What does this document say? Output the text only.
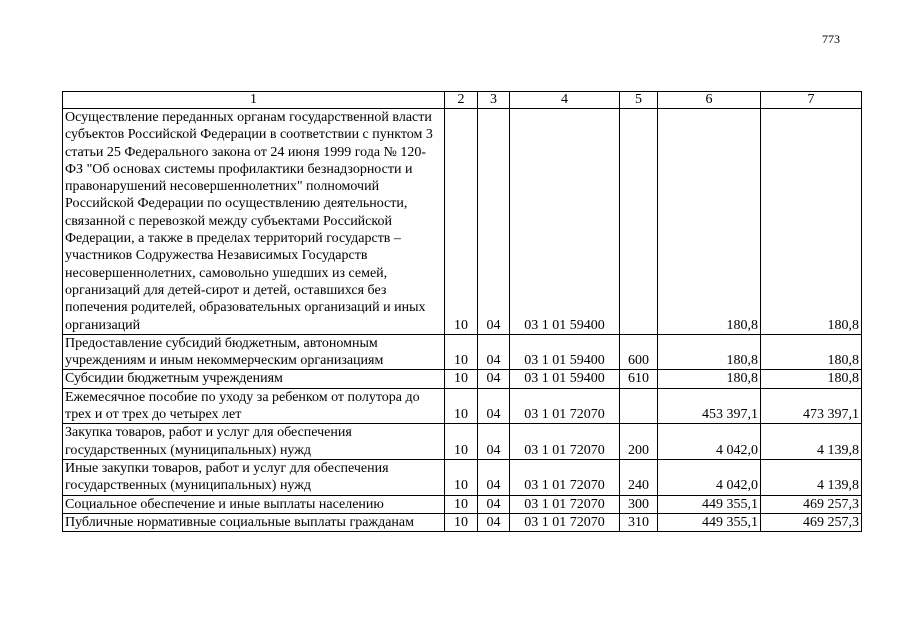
773
1	2	3	4	5	6	7
Осуществление переданных органам государственной власти субъектов Российской Федерации в соответствии с пунктом 3 статьи 25 Федерального закона от 24 июня 1999 года № 120-ФЗ "Об основах системы профилактики безнадзорности и правонарушений несовершеннолетних" полномочий Российской Федерации по осуществлению деятельности, связанной с перевозкой между субъектами Российской Федерации, а также в пределах территорий государств – участников Содружества Независимых Государств несовершеннолетних, самовольно ушедших из семей, организаций для детей-сирот и детей, оставшихся без попечения родителей, образовательных организаций и иных организаций	10	04	03 1 01 59400		180,8	180,8
Предоставление субсидий бюджетным, автономным учреждениям и иным некоммерческим организациям	10	04	03 1 01 59400	600	180,8	180,8
Субсидии бюджетным учреждениям	10	04	03 1 01 59400	610	180,8	180,8
Ежемесячное пособие по уходу за ребенком от полутора до трех и от трех до четырех лет	10	04	03 1 01 72070		453 397,1	473 397,1
Закупка товаров, работ и услуг для обеспечения государственных (муниципальных) нужд	10	04	03 1 01 72070	200	4 042,0	4 139,8
Иные закупки товаров, работ и услуг для обеспечения государственных (муниципальных) нужд	10	04	03 1 01 72070	240	4 042,0	4 139,8
Социальное обеспечение и иные выплаты населению	10	04	03 1 01 72070	300	449 355,1	469 257,3
Публичные нормативные социальные выплаты гражданам	10	04	03 1 01 72070	310	449 355,1	469 257,3
